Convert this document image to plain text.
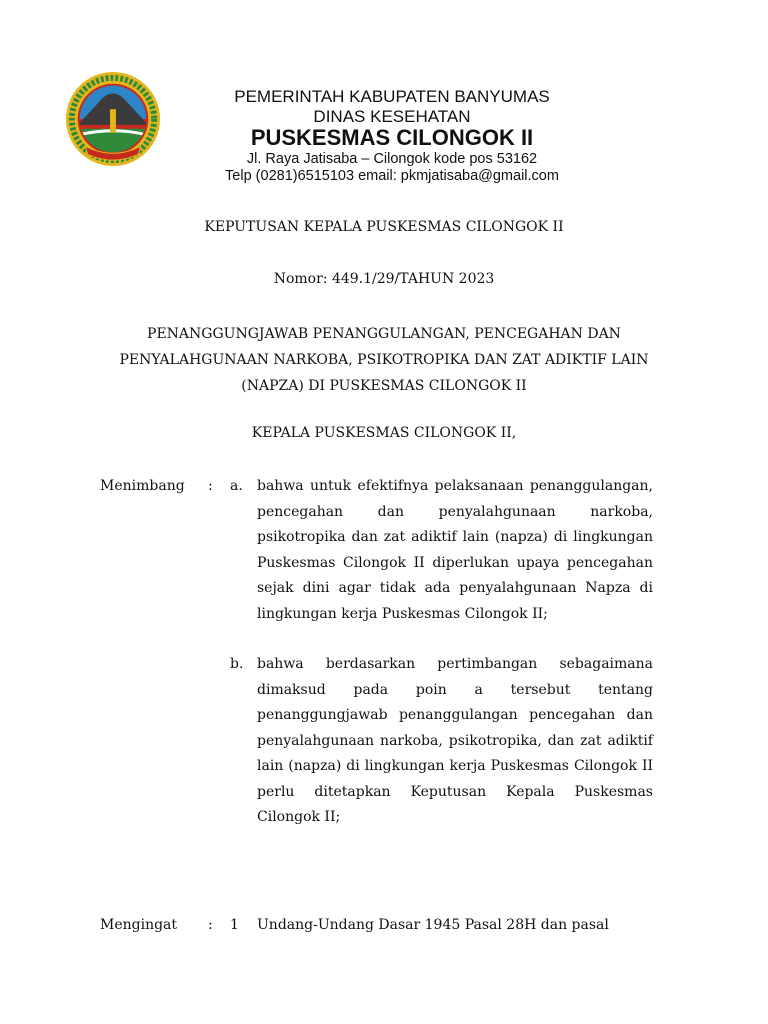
PEMERINTAH KABUPATEN BANYUMAS
DINAS KESEHATAN
PUSKESMAS CILONGOK II
Jl. Raya Jatisaba – Cilongok kode pos 53162
Telp (0281)6515103 email: pkmjatisaba@gmail.com
KEPUTUSAN KEPALA PUSKESMAS CILONGOK II
Nomor: 449.1/29/TAHUN 2023
PENANGGUNGJAWAB PENANGGULANGAN, PENCEGAHAN DAN
PENYALAHGUNAAN NARKOBA, PSIKOTROPIKA DAN ZAT ADIKTIF LAIN
(NAPZA) DI PUSKESMAS CILONGOK II
KEPALA PUSKESMAS CILONGOK II,
Menimbang : a. bahwa untuk efektifnya pelaksanaan penanggulangan, pencegahan dan penyalahgunaan narkoba, psikotropika dan zat adiktif lain (napza) di lingkungan Puskesmas Cilongok II diperlukan upaya pencegahan sejak dini agar tidak ada penyalahgunaan Napza di lingkungan kerja Puskesmas Cilongok II;
b. bahwa berdasarkan pertimbangan sebagaimana dimaksud pada poin a tersebut tentang penanggungjawab penanggulangan pencegahan dan penyalahgunaan narkoba, psikotropika, dan zat adiktif lain (napza) di lingkungan kerja Puskesmas Cilongok II perlu ditetapkan Keputusan Kepala Puskesmas Cilongok II;
Mengingat : 1 Undang-Undang Dasar 1945 Pasal 28H dan pasal
